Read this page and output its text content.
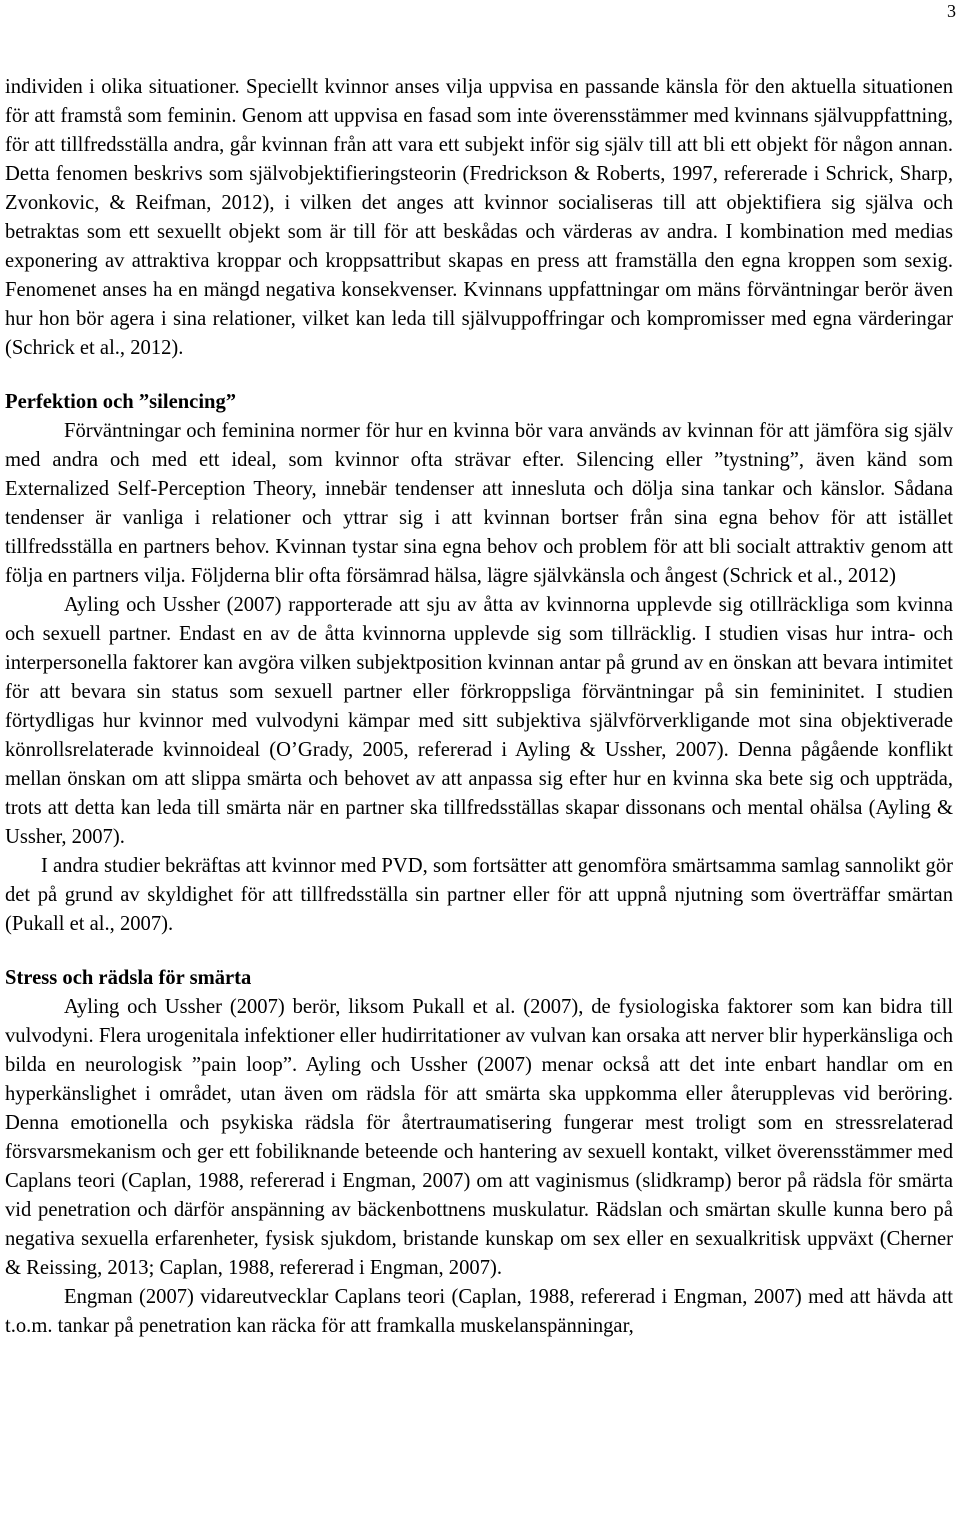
3

individen i olika situationer. Speciellt kvinnor anses vilja uppvisa en passande känsla för den aktuella situationen för att framstå som feminin. Genom att uppvisa en fasad som inte överensstämmer med kvinnans självuppfattning, för att tillfredsställa andra, går kvinnan från att vara ett subjekt inför sig själv till att bli ett objekt för någon annan. Detta fenomen beskrivs som självobjektifieringsteorin (Fredrickson & Roberts, 1997, refererade i Schrick, Sharp, Zvonkovic, & Reifman, 2012), i vilken det anges att kvinnor socialiseras till att objektifiera sig själva och betraktas som ett sexuellt objekt som är till för att beskådas och värderas av andra. I kombination med medias exponering av attraktiva kroppar och kroppsattribut skapas en press att framställa den egna kroppen som sexig. Fenomenet anses ha en mängd negativa konsekvenser. Kvinnans uppfattningar om mäns förväntningar berör även hur hon bör agera i sina relationer, vilket kan leda till självuppoffringar och kompromisser med egna värderingar (Schrick et al., 2012).

Perfektion och ”silencing”

Förväntningar och feminina normer för hur en kvinna bör vara används av kvinnan för att jämföra sig själv med andra och med ett ideal, som kvinnor ofta strävar efter. Silencing eller ”tystning”, även känd som Externalized Self-Perception Theory, innebär tendenser att innesluta och dölja sina tankar och känslor. Sådana tendenser är vanliga i relationer och yttrar sig i att kvinnan bortser från sina egna behov för att istället tillfredsställa en partners behov. Kvinnan tystar sina egna behov och problem för att bli socialt attraktiv genom att följa en partners vilja. Följderna blir ofta försämrad hälsa, lägre självkänsla och ångest (Schrick et al., 2012)

Ayling och Ussher (2007) rapporterade att sju av åtta av kvinnorna upplevde sig otillräckliga som kvinna och sexuell partner. Endast en av de åtta kvinnorna upplevde sig som tillräcklig. I studien visas hur intra- och interpersonella faktorer kan avgöra vilken subjektposition kvinnan antar på grund av en önskan att bevara intimitet för att bevara sin status som sexuell partner eller förkroppsliga förväntningar på sin femininitet. I studien förtydligas hur kvinnor med vulvodyni kämpar med sitt subjektiva självförverkligande mot sina objektiverade könrollsrelaterade kvinnoideal (O’Grady, 2005, refererad i Ayling & Ussher, 2007). Denna pågående konflikt mellan önskan om att slippa smärta och behovet av att anpassa sig efter hur en kvinna ska bete sig och uppträda, trots att detta kan leda till smärta när en partner ska tillfredsställas skapar dissonans och mental ohälsa (Ayling & Ussher, 2007).

I andra studier bekräftas att kvinnor med PVD, som fortsätter att genomföra smärtsamma samlag sannolikt gör det på grund av skyldighet för att tillfredsställa sin partner eller för att uppnå njutning som överträffar smärtan (Pukall et al., 2007).

Stress och rädsla för smärta

Ayling och Ussher (2007) berör, liksom Pukall et al. (2007), de fysiologiska faktorer som kan bidra till vulvodyni. Flera urogenitala infektioner eller hudirritationer av vulvan kan orsaka att nerver blir hyperkänsliga och bilda en neurologisk ”pain loop”. Ayling och Ussher (2007) menar också att det inte enbart handlar om en hyperkänslighet i området, utan även om rädsla för att smärta ska uppkomma eller återupplevas vid beröring. Denna emotionella och psykiska rädsla för återtraumatisering fungerar mest troligt som en stressrelaterad försvarsmekanism och ger ett fobiliknande beteende och hantering av sexuell kontakt, vilket överensstämmer med Caplans teori (Caplan, 1988, refererad i Engman, 2007) om att vaginismus (slidkramp) beror på rädsla för smärta vid penetration och därför anspänning av bäckenbottnens muskulatur. Rädslan och smärtan skulle kunna bero på negativa sexuella erfarenheter, fysisk sjukdom, bristande kunskap om sex eller en sexualkritisk uppväxt (Cherner & Reissing, 2013; Caplan, 1988, refererad i Engman, 2007).

Engman (2007) vidareutvecklar Caplans teori (Caplan, 1988, refererad i Engman, 2007) med att hävda att t.o.m. tankar på penetration kan räcka för att framkalla muskelanspänningar,
